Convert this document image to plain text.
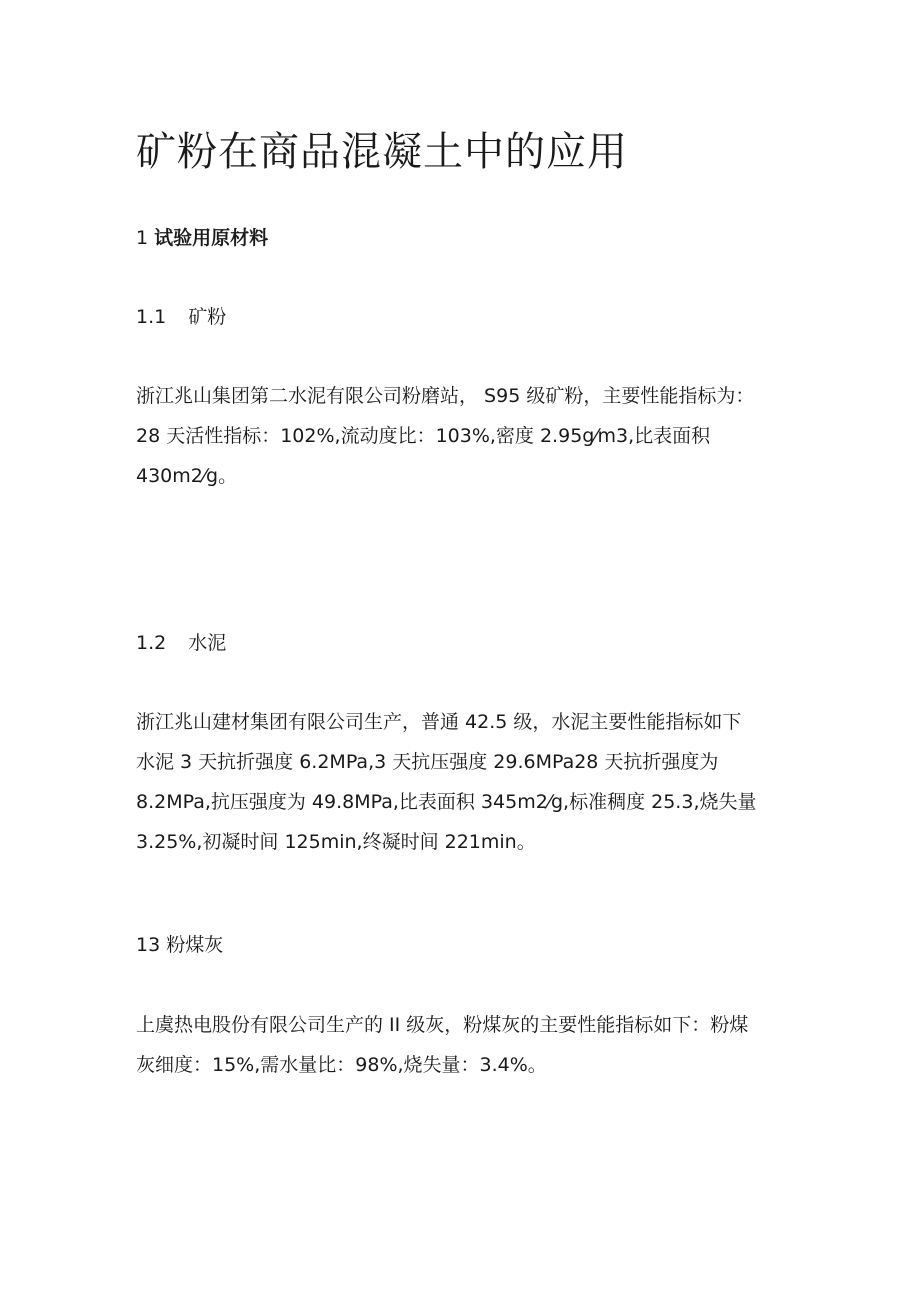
矿粉在商品混凝土中的应用
1 试验用原材料
1.1 矿粉
浙江兆山集团第二水泥有限公司粉磨站， S95 级矿粉，主要性能指标为：
28 天活性指标：102%,流动度比：103%,密度 2.95g⁄m3,比表面积
430m2⁄g。
1.2 水泥
浙江兆山建材集团有限公司生产，普通 42.5 级，水泥主要性能指标如下
水泥 3 天抗折强度 6.2MPa,3 天抗压强度 29.6MPa28 天抗折强度为
8.2MPa,抗压强度为 49.8MPa,比表面积 345m2⁄g,标准稠度 25.3,烧失量
3.25%,初凝时间 125min,终凝时间 221min。
13 粉煤灰
上虞热电股份有限公司生产的 II 级灰，粉煤灰的主要性能指标如下：粉煤
灰细度：15%,需水量比：98%,烧失量：3.4%。
